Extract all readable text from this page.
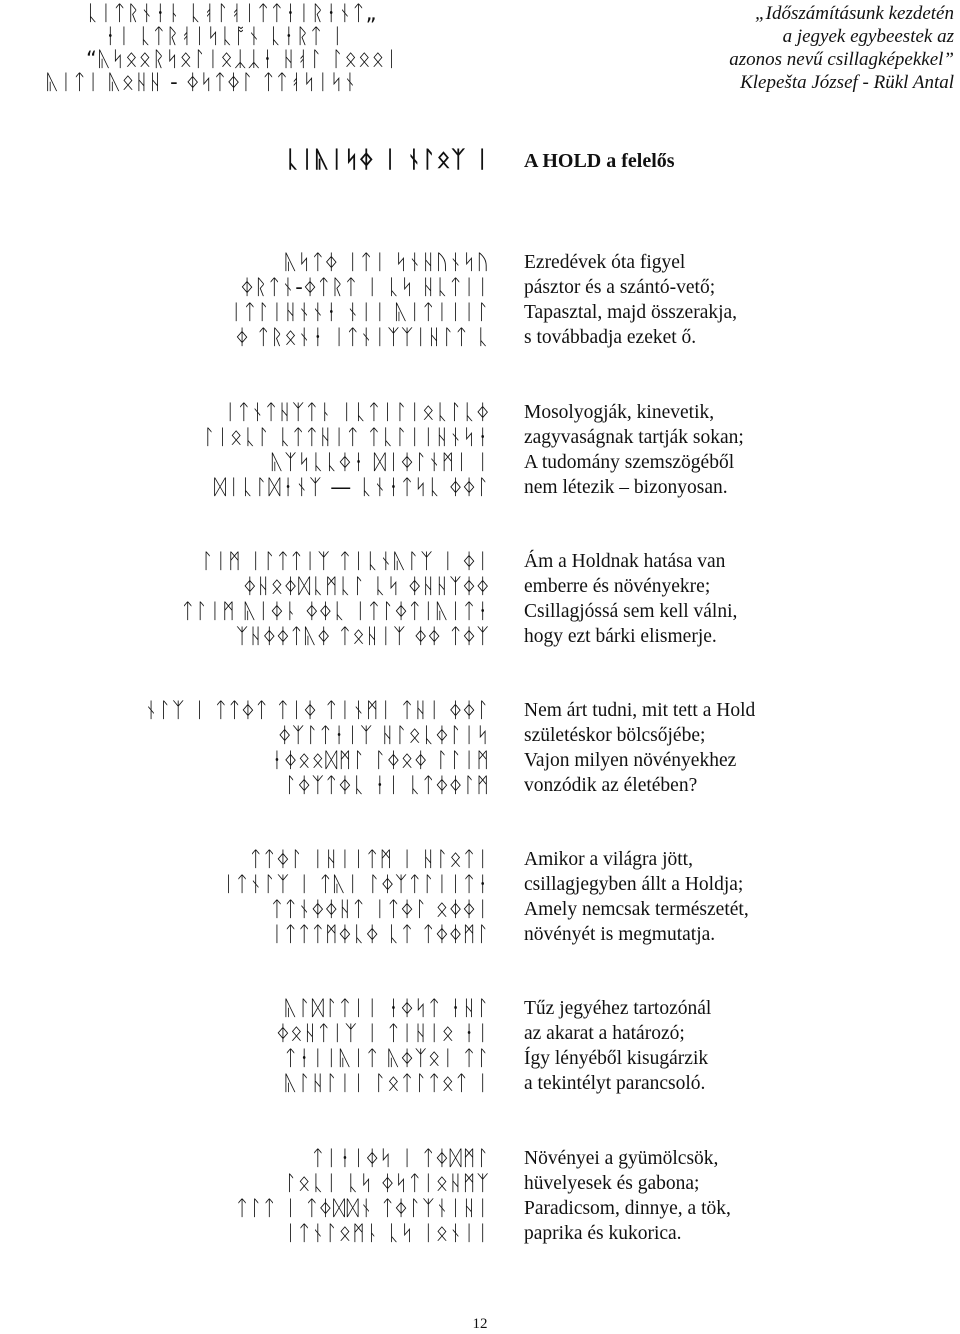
ᚳᛁᛏᚱᚾᚽᚿ ᚳᚮᛚᚮᛁᛏᛏᛂᛁᚱᛂᚾᛏ„
ᚽᛁ ᚳᛏᚱᚮᛁᛋᚳᚩᚾ ᚳᛂᚱᛏ ᛁ
“ᚣᛋᛟᛟᚱᛋᛟᛚᛁᛟᛣᛣᚽ ᚺᚮᛚ ᛚᛟᛟᛟᛁ
ᚣᛁᛏᛁ ᚣᛟᚺᚺ - ᛄᛋᛏᛄᛚ ᛏᛏᚮᛋᛁᛋᚾ
„Időszámításunk kezdetén
a jegyek egybeestek az
azonos nevű csillagképekkel”
Klepešta József - Rükl Antal
ᚳᛁᚣᛁᛋᛄ ᛁ ᚾᛚᛟᛉ ᛁ A HOLD a felelős
ᚣᛋᛏᛄ ᛁᛏᛁ ᛋᚾᚺᚢᚾᛋᚢ
ᛄᚱᛏᚾ-ᛄᛏᚱᛏ ᛁ ᚳᛋ ᚺᚳᛏᛁᛁ
ᛁᛏᛚᛁᚺᚾᚾᛂ ᚾᛁᛁ ᚣᛁᛏᛁᛁᛁᛚ
ᛄ ᛏᚱᛟᚾᚽ ᛁᛏᚾᛁᛉᛉᛁᚺᛚᛏ ᚳ
Ezredévek óta figyel
pásztor és a szántó-vető;
Tapasztal, majd összerakja,
s továbbadja ezeket ő.
ᛁᛏᚾᛏᚺᛉᛏᚿ ᛁᚳᛏᛁᛚᛁᛟᚳᛚᚳᛄ
ᛚᛁᛟᚳᛚ ᚳᛏᛏᚺᛁᛏ ᛏᚳᛚᛁᛁᚺᚾᛋᚽ
ᚣᛉᛋᚳᚳᛄᚽ ᛞᛁᛄᛚᚾᛗᛁ ᛁ
ᛞᛁᚳᛚᛞᚽᚾᛉ — ᚳᚾᛂᛏᛋᚳ ᛄᛄᛚ
Mosolyogják, kinevetik,
zagyvaságnak tartják sokan;
A tudomány szemszögéből
nem létezik – bizonyosan.
ᛚᛁᛗ ᛁᛚᛏᛏᛁᛉ ᛏᛁᚳᚾᚣᛚᛉ ᛁ ᛄᛁ
ᛄᚺᛟᛄᛞᚳᛗᚳᛚ ᚳᛋ ᛄᚺᚺᛉᛄᛄ
ᛏᛚᛁᛗ ᚣᛁᛄᚿ ᛄᛄᚳ ᛁᛏᛚᛄᛏᛁᚣᛁᛏᚽ
ᛉᚺᛄᛄᛏᚣᛄ ᛏᛟᚺᛁᛉ ᛄᛄ ᛏᛄᛉ
Ám a Holdnak hatása van
emberre és növényekre;
Csillagjóssá sem kell válni,
hogy ezt bárki elismerje.
ᚾᛚᛉ ᛁ ᛏᛏᛄᛏ ᛏᛁᛄ ᛏᛁᚾᛗᛁ ᛏᚺᛁ ᛄᛄᛚ
ᛄᛉᛚᛏᚽᛁᛉ ᚺᛚᛟᚳᛄᛚᛁᛋ
ᚽᛄᛟᛟᛞᛗᛚ ᛚᛄᛟᛄ ᛚᛚᛁᛗ
ᛚᛄᛉᛏᛄᚳ ᚽᛁ ᚳᛏᛄᛄᛚᛗ
Nem árt tudni, mit tett a Hold
születéskor bölcsőjébe;
Vajon milyen növényekhez
vonzódik az életében?
ᛏᛏᛄᛚ ᛁᚺᛁᛁᛏᛗ ᛁ ᚺᛚᛟᛏᛁ
ᛁᛏᚾᛚᛉ ᛁ ᛏᚣᛁ ᛚᛄᛉᛏᛚᛁᛁᛏᚽ
ᛏᛏᚾᛄᛄᚺᛏ ᛁᛏᛄᛚ ᛟᛄᛄᛁ
ᛁᛏᛏᛏᛗᛄᚳᛄ ᚳᛏ ᛏᛄᛄᛗᛚ
Amikor a világra jött,
csillagjegyben állt a Holdja;
Amely nemcsak természetét,
növényét is megmutatja.
ᚣᛚᛞᛚᛏᛁᛁ ᚽᛄᛋᛏ ᚽᚺᛚ
ᛄᛟᚺᛏᛁᛉ ᛁ ᛏᛁᚺᛁᛟ ᚽᛁ
ᛏᚽᛁᛁᚣᛁᛏ ᚣᛄᛉᛟᛁ ᛏᛚ
ᚣᛚᚺᛚᛁᛁ ᛚᛟᛏᛚᛏᛟᛏ ᛁ
Tűz jegyéhez tartozónál
az akarat a határozó;
Így lényéből kisugárzik
a tekintélyt parancsoló.
ᛏᛁᚽᛁᛄᛋ ᛁ ᛏᛄᛞᛗᛚ
ᛚᛟᚳᛁ ᚳᛋ ᛄᛋᛏᛁᛟᚺᛗᛉ
ᛏᛚᛏ ᛁ ᛏᛄᛞᛞᚾ ᛏᛄᛚᛉᚾᛁᚺᛁ
ᛁᛏᚾᛚᛟᛗᚿ ᚳᛋ ᛁᛟᚾᛁᛁ
Növényei a gyümölcsök,
hüvelyesek és gabona;
Paradicsom, dinnye, a tök,
paprika és kukorica.
12
